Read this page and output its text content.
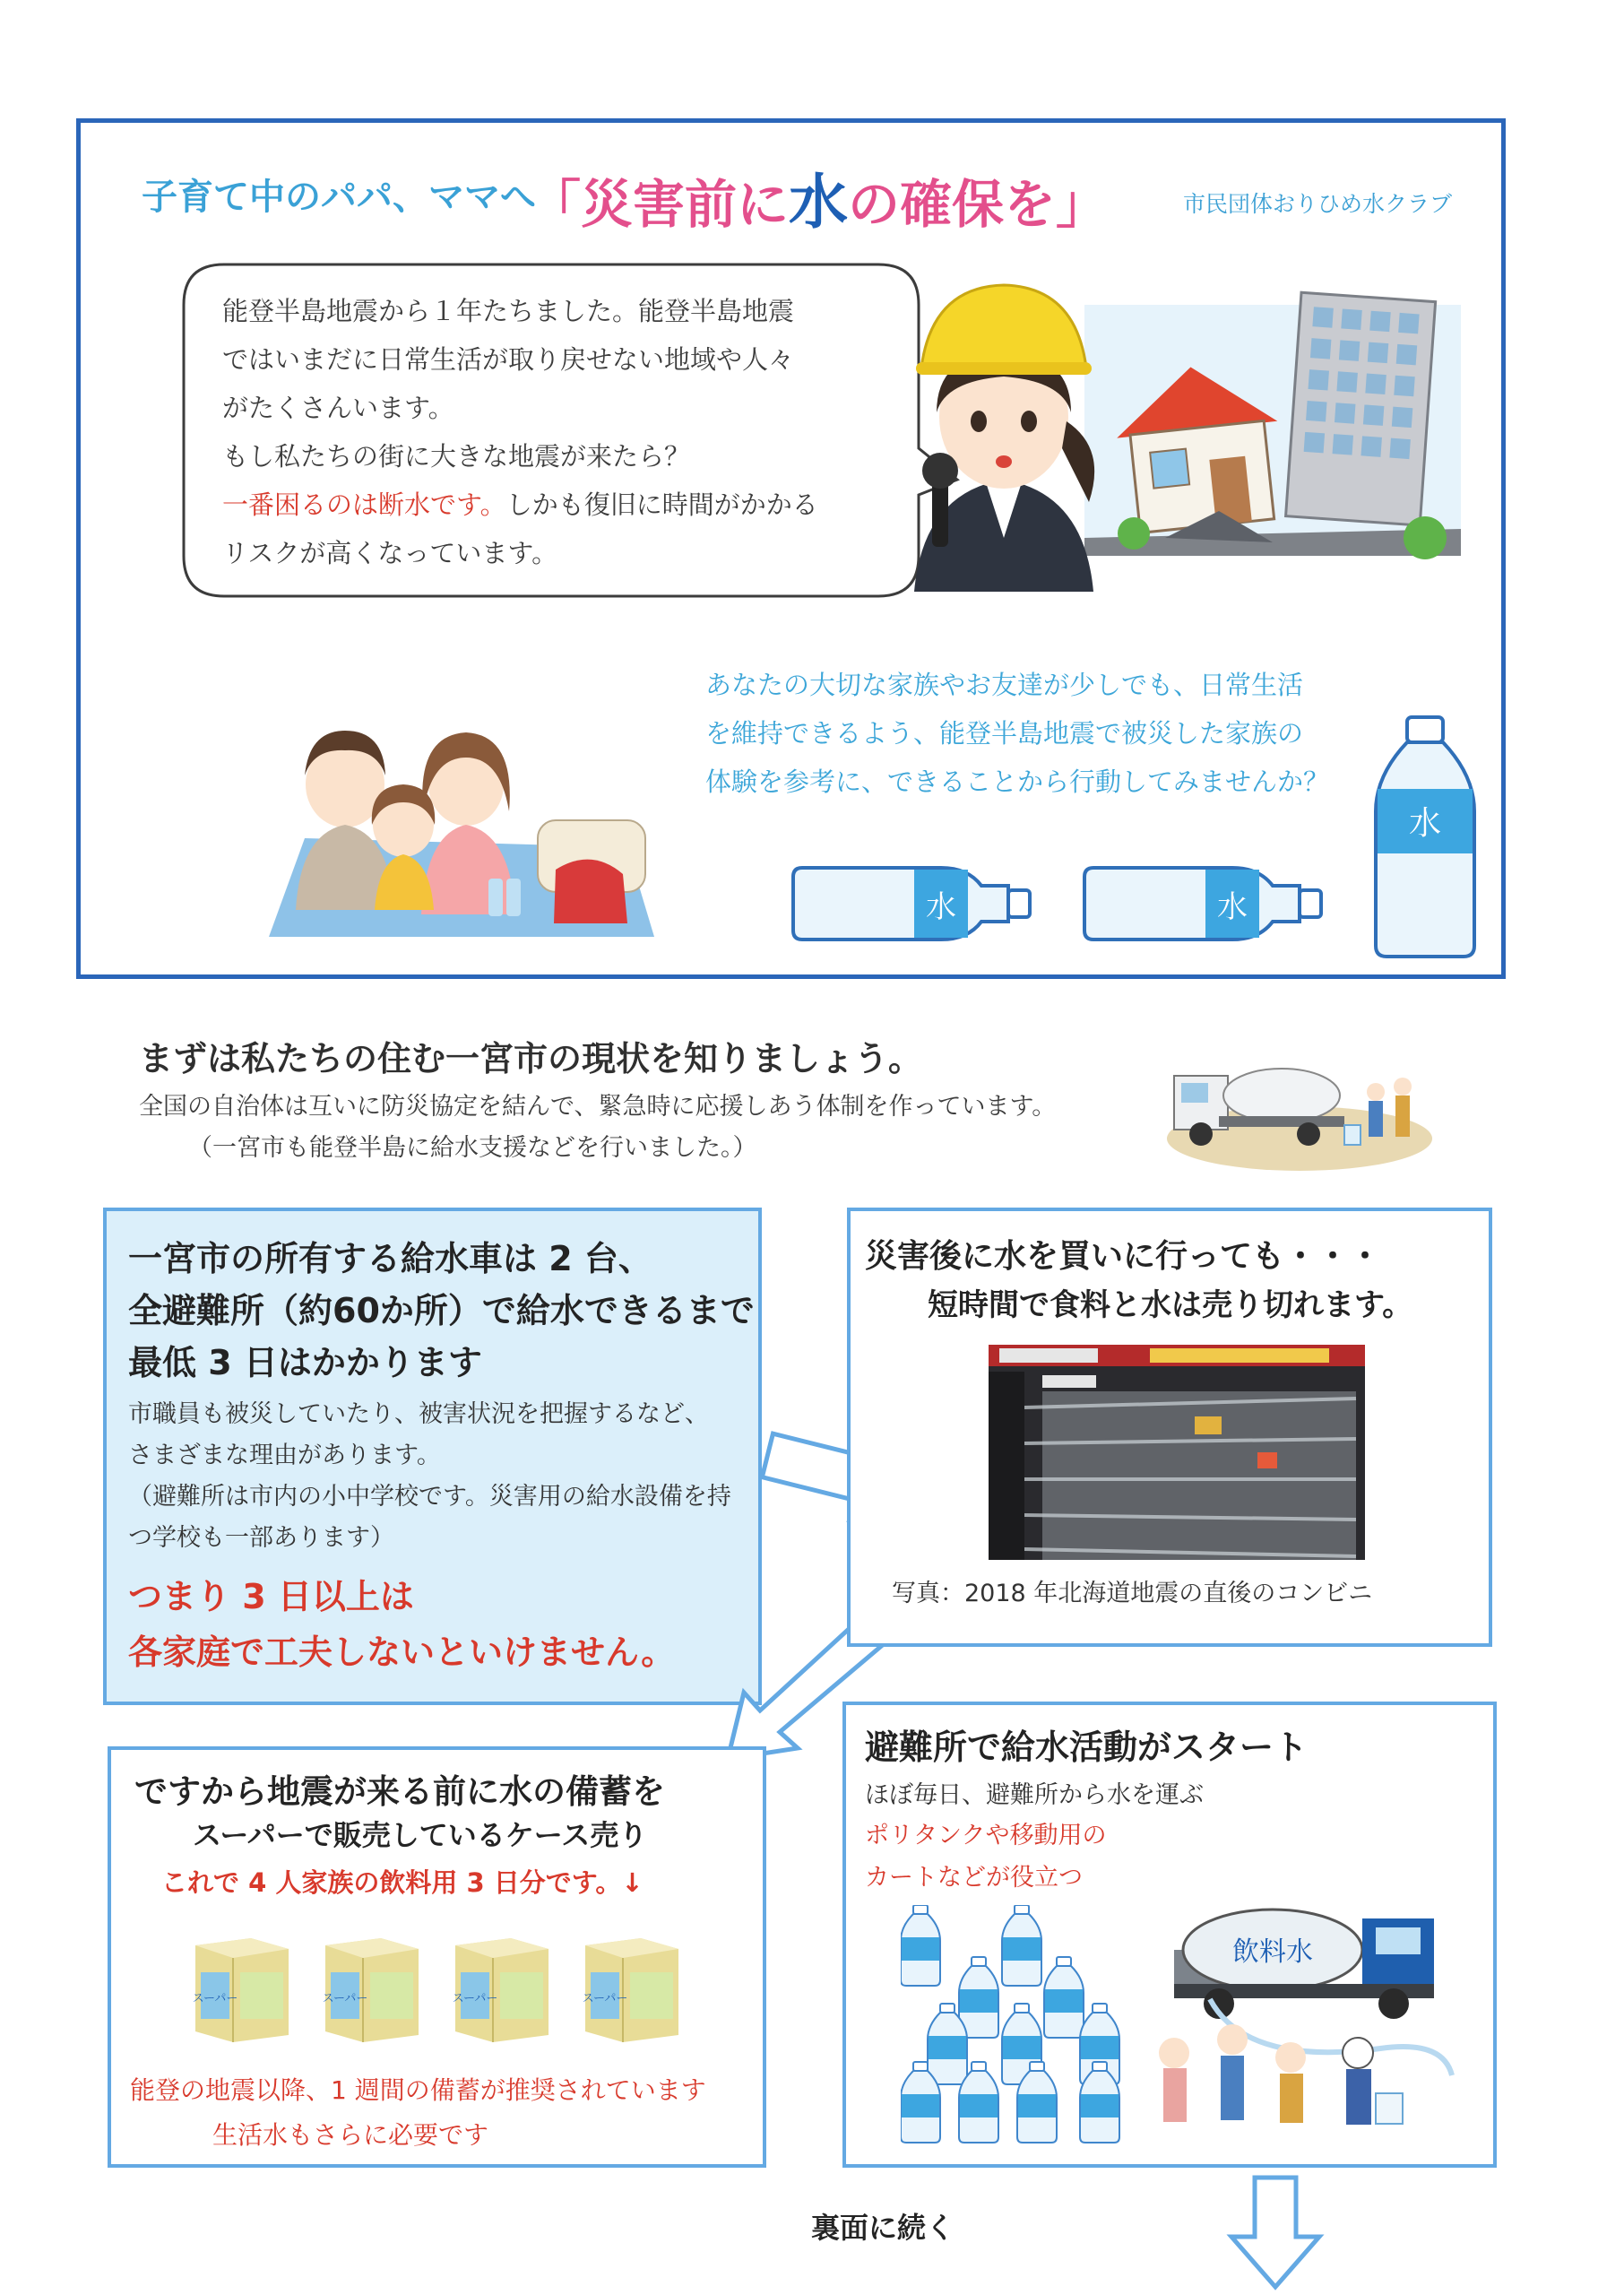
子育て中のパパ、ママへ
「災害前に水の確保を」	市民団体おりひめ水クラブ
能登半島地震から１年たちました。能登半島地震
ではいまだに日常生活が取り戻せない地域や人々
がたくさんいます。
もし私たちの街に大きな地震が来たら？
一番困るのは断水です。しかも復旧に時間がかかる
リスクが高くなっています。
あなたの大切な家族やお友達が少しでも、日常生活
を維持できるよう、能登半島地震で被災した家族の
体験を参考に、できることから行動してみませんか？
水	水
水
まずは私たちの住む一宮市の現状を知りましょう。
全国の自治体は互いに防災協定を結んで、緊急時に応援しあう体制を作っています。
（一宮市も能登半島に給水支援などを行いました。）
一宮市の所有する給水車は 2 台、
全避難所（約60か所）で給水できるまで
最低 3 日はかかります
市職員も被災していたり、被害状況を把握するなど、
さまざまな理由があります。
（避難所は市内の小中学校です。災害用の給水設備を持
つ学校も一部あります）
つまり 3 日以上は
各家庭で工夫しないといけません。
災害後に水を買いに行っても・・・
短時間で食料と水は売り切れます。
写真：2018 年北海道地震の直後のコンビニ
ですから地震が来る前に水の備蓄を
スーパーで販売しているケース売り
これで 4 人家族の飲料用 3 日分です。↓
スーパー	スーパー	スーパー	スーパー
能登の地震以降、1 週間の備蓄が推奨されています
生活水もさらに必要です
避難所で給水活動がスタート
ほぼ毎日、避難所から水を運ぶ
ポリタンクや移動用の
カートなどが役立つ
飲料水
裏面に続く
